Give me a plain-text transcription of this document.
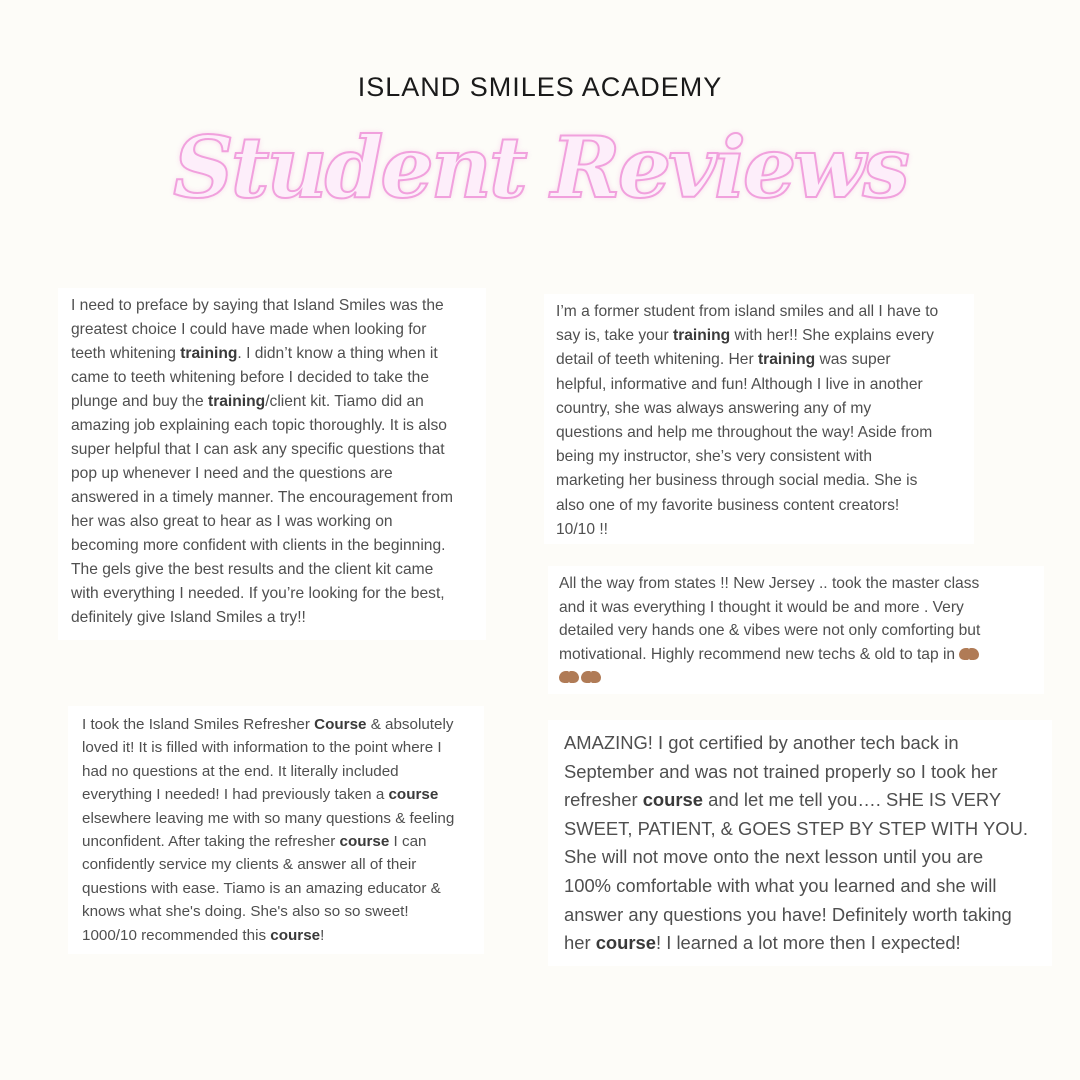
ISLAND SMILES ACADEMY
Student Reviews
I need to preface by saying that Island Smiles was the
greatest choice I could have made when looking for
teeth whitening training. I didn’t know a thing when it
came to teeth whitening before I decided to take the
plunge and buy the training/client kit. Tiamo did an
amazing job explaining each topic thoroughly. It is also
super helpful that I can ask any specific questions that
pop up whenever I need and the questions are
answered in a timely manner. The encouragement from
her was also great to hear as I was working on
becoming more confident with clients in the beginning.
The gels give the best results and the client kit came
with everything I needed. If you’re looking for the best,
definitely give Island Smiles a try!!
I’m a former student from island smiles and all I have to
say is, take your training with her!! She explains every
detail of teeth whitening. Her training was super
helpful, informative and fun! Although I live in another
country, she was always answering any of my
questions and help me throughout the way! Aside from
being my instructor, she’s very consistent with
marketing her business through social media. She is
also one of my favorite business content creators!
10/10 !!
All the way from states !! New Jersey .. took the master class
and it was everything I thought it would be and more . Very
detailed very hands one & vibes were not only comforting but
motivational. Highly recommend new techs & old to tap in
I took the Island Smiles Refresher Course & absolutely
loved it! It is filled with information to the point where I
had no questions at the end. It literally included
everything I needed! I had previously taken a course
elsewhere leaving me with so many questions & feeling
unconfident. After taking the refresher course I can
confidently service my clients & answer all of their
questions with ease. Tiamo is an amazing educator &
knows what she's doing. She's also so so sweet!
1000/10 recommended this course!
AMAZING! I got certified by another tech back in
September and was not trained properly so I took her
refresher course and let me tell you…. SHE IS VERY
SWEET, PATIENT, & GOES STEP BY STEP WITH YOU.
She will not move onto the next lesson until you are
100% comfortable with what you learned and she will
answer any questions you have! Definitely worth taking
her course! I learned a lot more then I expected!
